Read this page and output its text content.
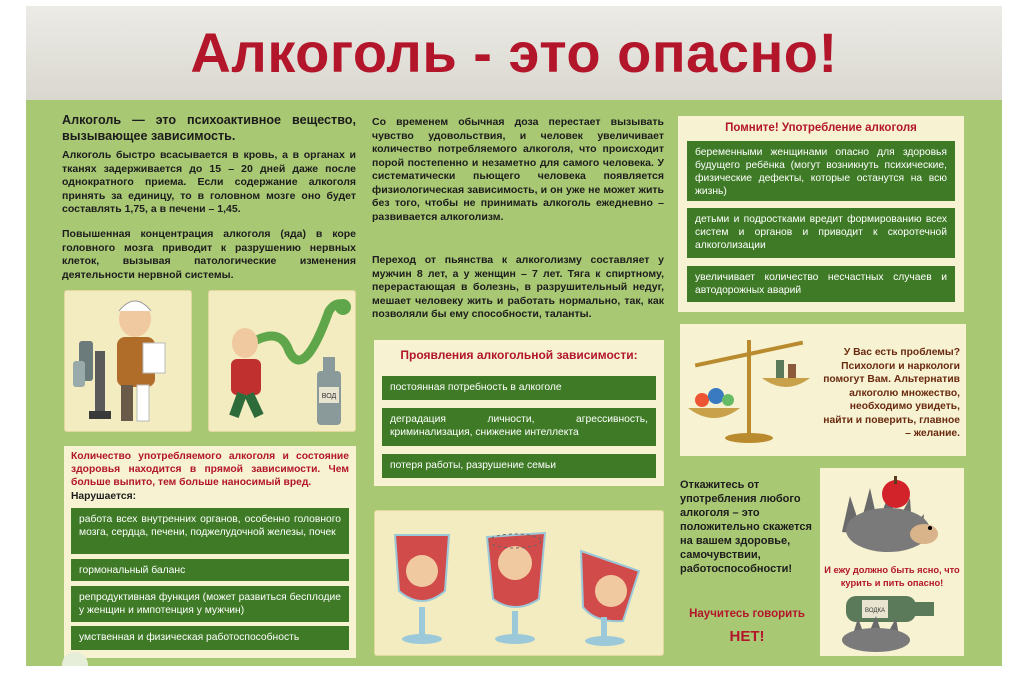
Алкоголь - это опасно!
Алкоголь — это психоактивное вещество, вызывающее зависимость.
Алкоголь быстро всасывается в кровь, а в органах и тканях задерживается до 15 – 20 дней даже после однократного приема. Если содержание алкоголя принять за единицу, то в головном мозге оно будет составлять 1,75, а в печени – 1,45.
Повышенная концентрация алкоголя (яда) в коре головного мозга приводит к разрушению нервных клеток, вызывая патологические изменения деятельности нервной системы.
Со временем обычная доза перестает вызывать чувство удовольствия, и человек увеличивает количество потребляемого алкоголя, что происходит порой постепенно и незаметно для самого человека. У систематически пьющего человека появляется физиологическая зависимость, и он уже не может жить без того, чтобы не принимать алкоголь ежедневно – развивается алкоголизм.
Переход от пьянства к алкоголизму составляет у мужчин 8 лет, а у женщин – 7 лет. Тяга к спиртному, перерастающая в болезнь, в разрушительный недуг, мешает человеку жить и работать нормально, так, как позволяли бы ему способности, таланты.
Помните! Употребление алкоголя
беременными женщинами опасно для здоровья будущего ребёнка (могут возникнуть психические, физические дефекты, которые останутся на всю жизнь)
детьми и подростками вредит формированию всех систем и органов и приводит к скоротечной алкоголизации
увеличивает количество несчастных случаев и автодорожных аварий
ВОД
Количество употребляемого алкоголя и состояние здоровья находится в прямой зависимости. Чем больше выпито, тем больше наносимый вред.
Нарушается:
работа всех внутренних органов, особенно головного мозга, сердца, печени, поджелудочной железы, почек
гормональный баланс
репродуктивная функция (может развиться бесплодие у женщин и импотенция у мужчин)
умственная и физическая работоспособность
Проявления алкогольной зависимости:
постоянная потребность в алкоголе
деградация личности, агрессивность, криминализация, снижение интеллекта
потеря работы, разрушение семьи
У Вас есть проблемы? Психологи и наркологи помогут Вам. Альтернатив алкоголю множество, необходимо увидеть, найти и поверить, главное – желание.
Откажитесь от употребления любого алкоголя – это положительно скажется на вашем здоровье, самочувствии, работоспособности!
Научитесь говорить
НЕТ!
ВОДКА
И ежу должно быть ясно, что курить и пить опасно!
